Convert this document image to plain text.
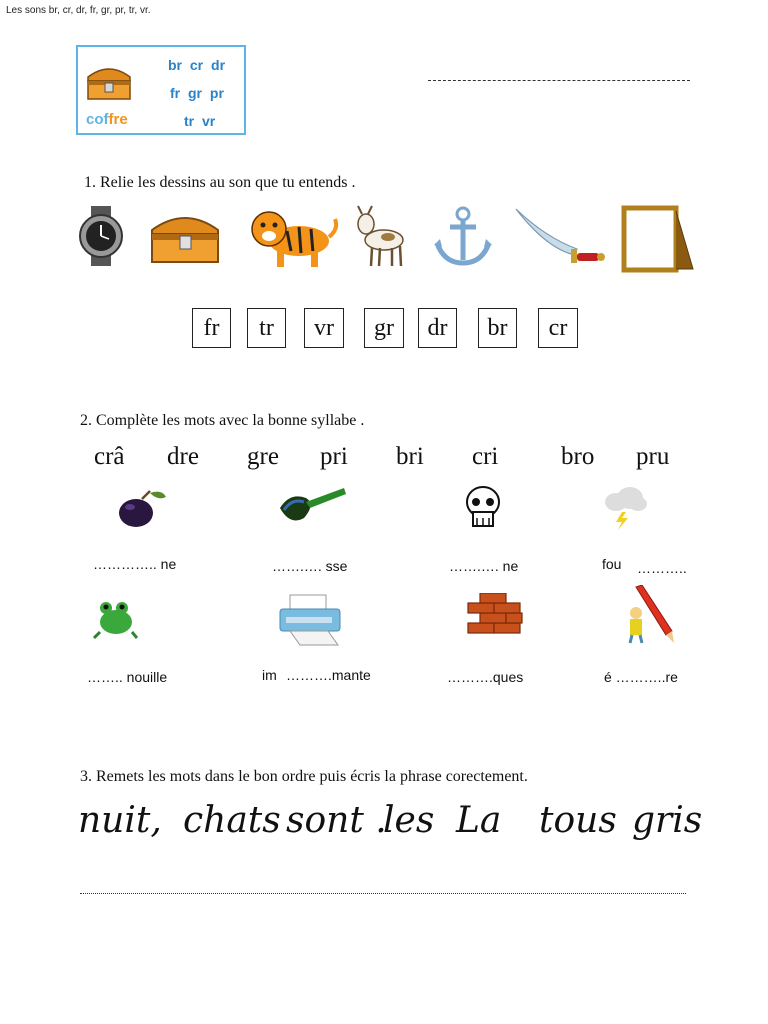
Les sons br, cr, dr, fr, gr, pr, tr, vr.
br cr dr
fr gr pr
tr vr
coffre
1. Relie les dessins au son que tu entends .
fr	tr	vr	gr	dr	br	cr
2. Complète les mots avec la bonne syllabe .
crâ dre gre pri bri cri	bro pru
………….. ne	…….…. sse	…….…. ne	fou ………..
…….. nouille	im ……….mante	……….ques	é ………..re
3. Remets les mots dans le bon ordre puis écris la phrase corectement.
nuit, chats sont .
les La tous gris
